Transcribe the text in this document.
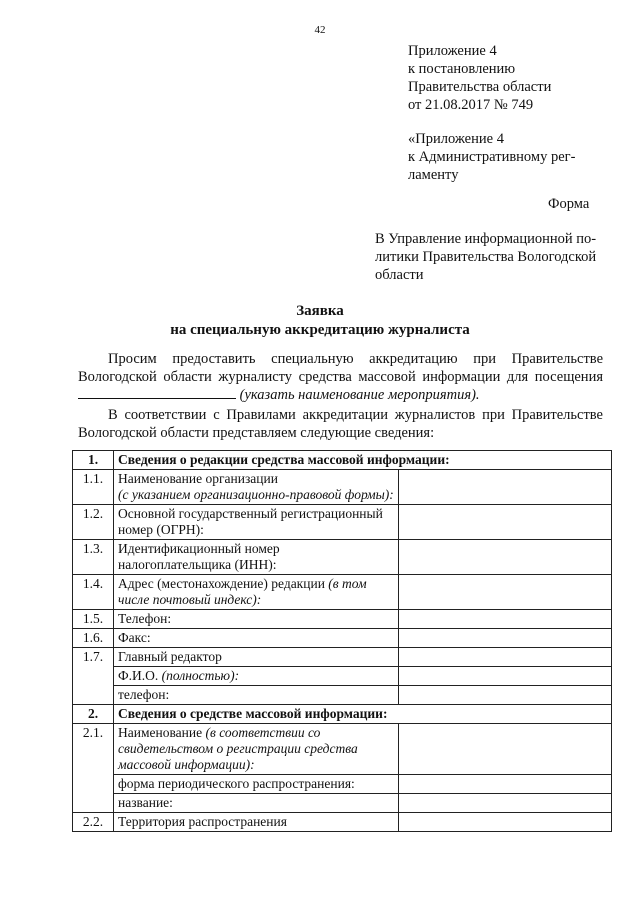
42
Приложение 4
к постановлению
Правительства области
от 21.08.2017 № 749
«Приложение 4
к Административному рег-
ламенту
Форма
В Управление информационной по-
литики Правительства Вологодской
области
Заявка
на специальную аккредитацию журналиста
Просим предоставить специальную аккредитацию при Правительстве Вологодской области журналисту средства массовой информации для посещения  (указать наименование мероприятия).
В соответствии с Правилами аккредитации журналистов при Правительстве Вологодской области представляем следующие сведения:
1.	Сведения о редакции средства массовой информации:	
1.1.	Наименование организации
(с указанием организационно-правовой формы):	
1.2.	Основной государственный регистрационный номер (ОГРН):	
1.3.	Идентификационный номер налогоплательщика (ИНН):	
1.4.	Адрес (местонахождение) редакции (в том числе почтовый индекс):	
1.5.	Телефон:	
1.6.	Факс:	
1.7.	Главный редактор	
	Ф.И.О. (полностью):	
	телефон:	
2.	Сведения о средстве массовой информации:	
2.1.	Наименование (в соответствии со свидетельством о регистрации средства массовой информации):	
	форма периодического распространения:	
	название:	
2.2.	Территория распространения	
